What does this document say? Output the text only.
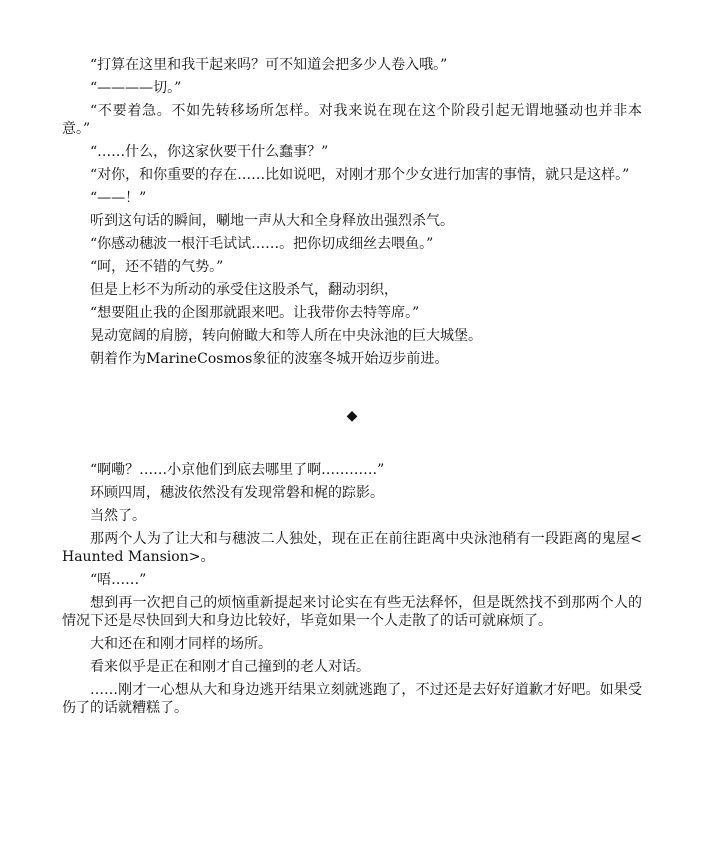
“打算在这里和我干起来吗？可不知道会把多少人卷入哦。”

“————切。”

“不要着急。不如先转移场所怎样。对我来说在现在这个阶段引起无谓地骚动也并非本意。”

“……什么，你这家伙要干什么蠢事？”

“对你，和你重要的存在……比如说吧，对刚才那个少女进行加害的事情，就只是这样。”

“——！”

听到这句话的瞬间，唰地一声从大和全身释放出强烈杀气。

“你感动穗波一根汗毛试试……。把你切成细丝去喂鱼。”

“呵，还不错的气势。”

但是上杉不为所动的承受住这股杀气，翻动羽织，

“想要阻止我的企图那就跟来吧。让我带你去特等席。”

晃动宽阔的肩膀，转向俯瞰大和等人所在中央泳池的巨大城堡。

朝着作为MarineCosmos象征的波塞冬城开始迈步前进。

◆

“啊嘞？……小京他们到底去哪里了啊…………”

环顾四周，穗波依然没有发现常磐和梶的踪影。

当然了。

那两个人为了让大和与穗波二人独处，现在正在前往距离中央泳池稍有一段距离的鬼屋<Haunted Mansion>。

“唔……”

想到再一次把自己的烦恼重新提起来讨论实在有些无法释怀，但是既然找不到那两个人的情况下还是尽快回到大和身边比较好，毕竟如果一个人走散了的话可就麻烦了。

大和还在和刚才同样的场所。

看来似乎是正在和刚才自己撞到的老人对话。

……刚才一心想从大和身边逃开结果立刻就逃跑了，不过还是去好好道歉才好吧。如果受伤了的话就糟糕了。
